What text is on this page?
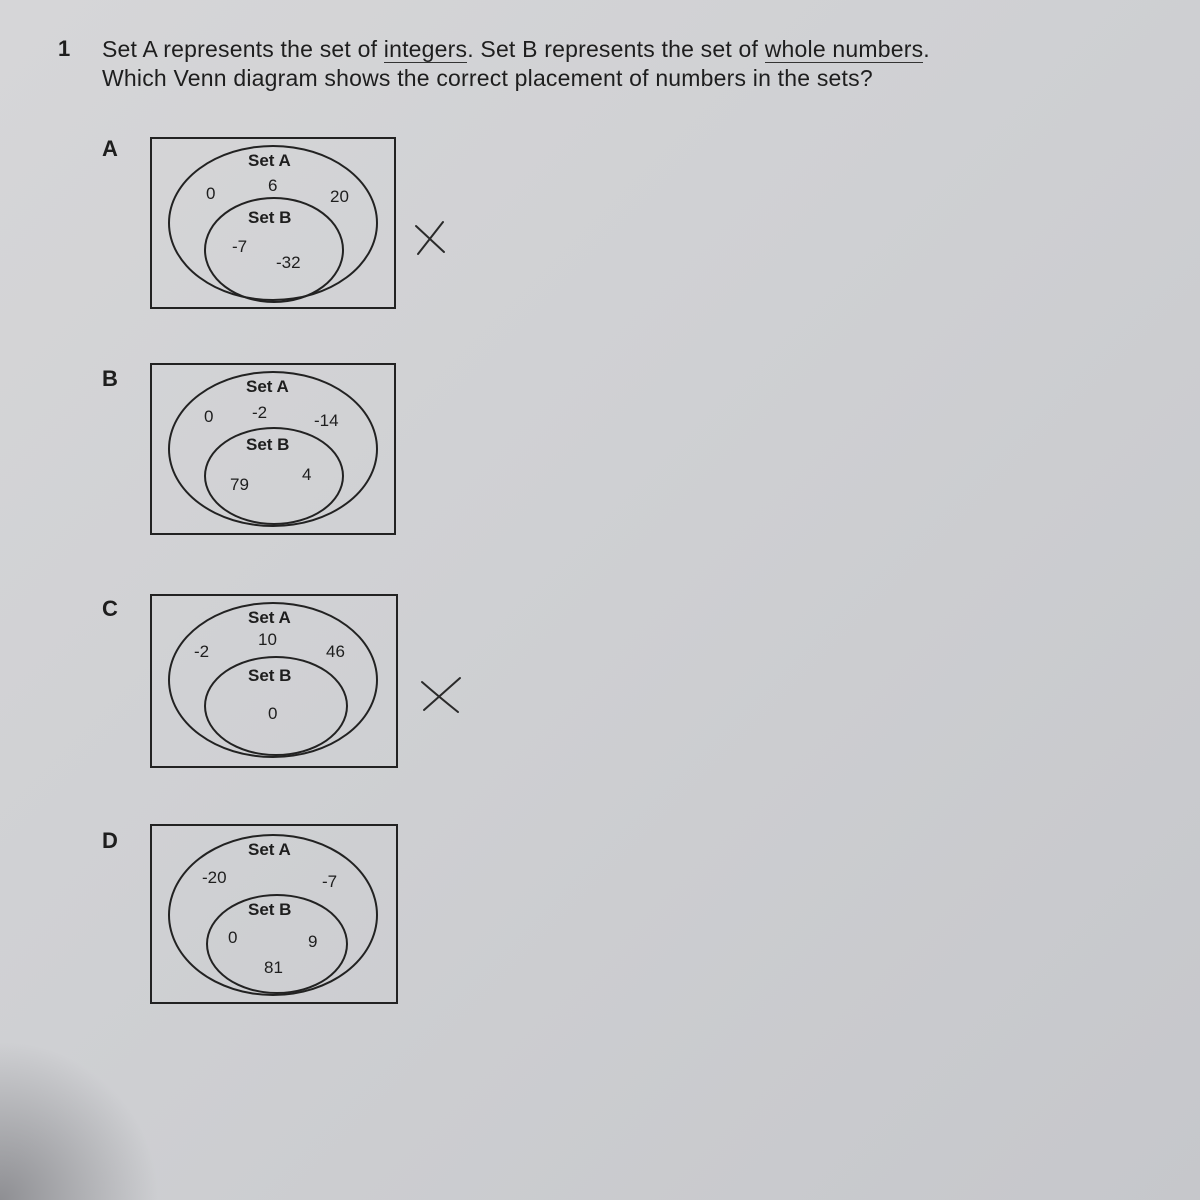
1 Set A represents the set of integers. Set B represents the set of whole numbers.
Which Venn diagram shows the correct placement of numbers in the sets?
A	Set A
6
0	20
Set B
-7
-32
B	Set A
0 -2	-14
Set B
79
4
C	Set A
10
-2	46
Set B
0
D	Set A
-20	-7
Set B
0	9
81
